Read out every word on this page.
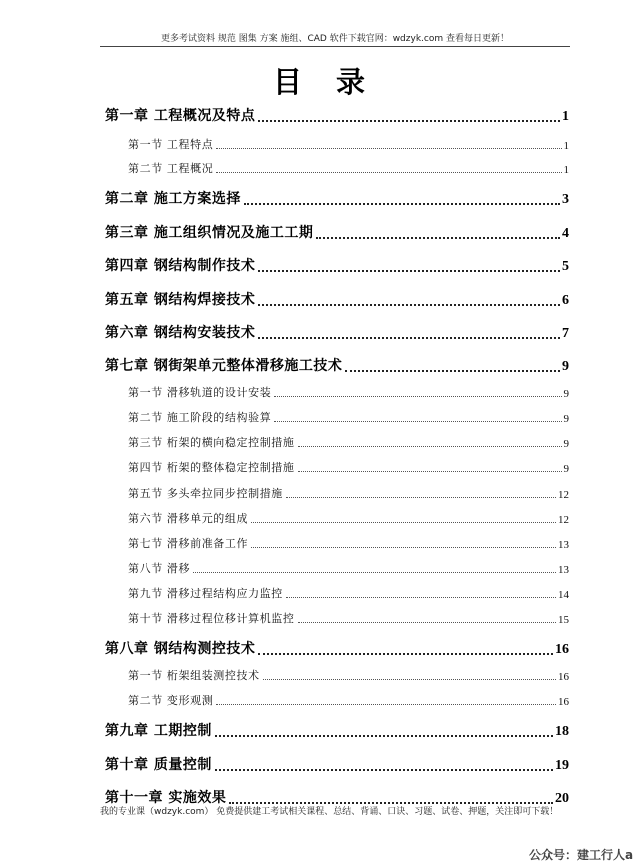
更多考试资料 规范 图集 方案 施组、CAD 软件下载官网：wdzyk.com 查看每日更新！
目录
第一章 工程概况及特点	1
第一节 工程特点	1
第二节 工程概况	1
第二章 施工方案选择	3
第三章 施工组织情况及施工工期	4
第四章 钢结构制作技术	5
第五章 钢结构焊接技术	6
第六章 钢结构安装技术	7
第七章 钢街架单元整体滑移施工技术	9
第一节 滑移轨道的设计安装	9
第二节 施工阶段的结构验算	9
第三节 桁架的横向稳定控制措施	9
第四节 桁架的整体稳定控制措施	9
第五节 多头牵拉同步控制措施	12
第六节 滑移单元的组成	12
第七节 滑移前准备工作	13
第八节 滑移	13
第九节 滑移过程结构应力监控	14
第十节 滑移过程位移计算机监控	15
第八章 钢结构测控技术	16
第一节 桁架组装测控技术	16
第二节 变形观测	16
第九章 工期控制	18
第十章 质量控制	19
第十一章 实施效果	20
我的专业课（wdzyk.com） 免费提供建工考试相关课程、总结、背诵、口诀、习题、试卷、押题，关注即可下载！
公众号：建工行人a
